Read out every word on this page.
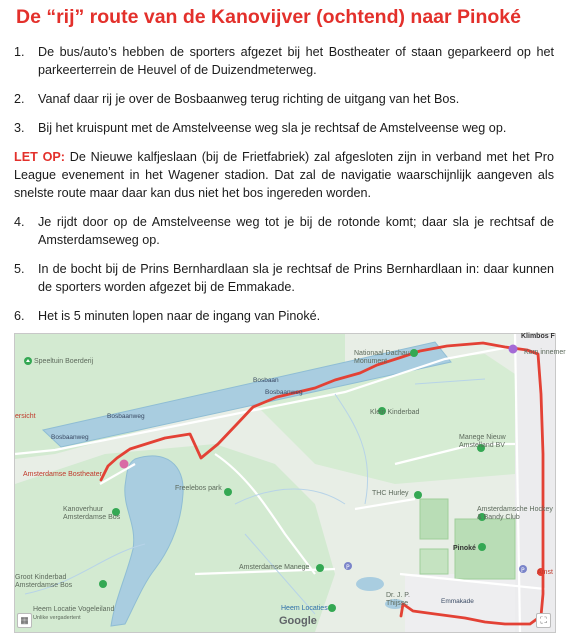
De “rij” route van de Kanovijver (ochtend) naar Pinoké
1.	De bus/auto’s hebben de sporters afgezet bij het Bostheater of staan geparkeerd op het parkeerterrein de Heuvel of de Duizendmeterweg.
2.	Vanaf daar rij je over de Bosbaanweg terug richting de uitgang van het Bos.
3.	Bij het kruispunt met de Amstelveense weg sla je rechtsaf de Amstelveense weg op.

LET OP: De Nieuwe kalfjeslaan (bij de Frietfabriek) zal afgesloten zijn in verband met het Pro League evenement in het Wagener stadion. Dat zal de navigatie waarschijnlijk aangeven als snelste route maar daar kan dus niet het bos ingereden worden.

4.	Je rijdt door op de Amstelveense weg tot je bij de rotonde komt; daar sla je rechtsaf de Amsterdamseweg op.
5.	In de bocht bij de Prins Bernhardlaan sla je rechtsaf de Prins Bernhardlaan in: daar kunnen de sporters worden afgezet bij de Emmakade.
6.	Het is 5 minuten lopen naar de ingang van Pinoké.
P	P
Speeltuin Boerderij
Nationaal Dachau Monument
Klimbos F
Kom innemer
ersicht
Bosbaan
Bosbaanweg
Bosbaanweg
Bosbaanweg
Klein Kinderbad
Manege Nieuw Amstelland BV
Amsterdamse Bostheater
Freelebos park
THC Hurley
Amsterdamsche Hockey & Bandy Club
Kanoverhuur Amsterdamse Bos
Pinoké
Amsterdamse Manege
Amst
Groot Kinderbad Amsterdamse Bos
Heem Locatie Vogeleiland
Unlike vergadertent
Heem Locaties
Dr. J. P. Thijsse	Emmakade
Google
▦	⛶
